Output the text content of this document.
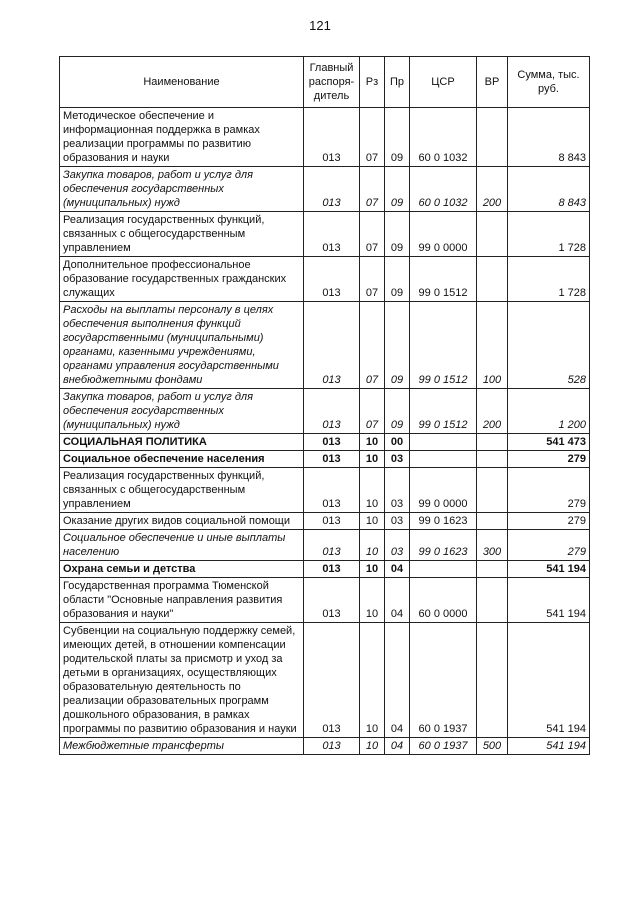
121
Наименование	Главный распоря-дитель	Рз	Пр	ЦСР	ВР	Сумма, тыс. руб.
Методическое обеспечение и информационная поддержка в рамках реализации программы по развитию образования и науки	013	07	09	60 0 1032		8 843
Закупка товаров, работ и услуг для обеспечения государственных (муниципальных) нужд	013	07	09	60 0 1032	200	8 843
Реализация государственных функций, связанных с общегосударственным управлением	013	07	09	99 0 0000		1 728
Дополнительное профессиональное образование государственных гражданских служащих	013	07	09	99 0 1512		1 728
Расходы на выплаты персоналу в целях обеспечения выполнения функций государственными (муниципальными) органами, казенными учреждениями, органами управления государственными внебюджетными фондами	013	07	09	99 0 1512	100	528
Закупка товаров, работ и услуг для обеспечения государственных (муниципальных) нужд	013	07	09	99 0 1512	200	1 200
СОЦИАЛЬНАЯ ПОЛИТИКА	013	10	00			541 473
Социальное обеспечение населения	013	10	03			279
Реализация государственных функций, связанных с общегосударственным управлением	013	10	03	99 0 0000		279
Оказание других видов социальной помощи	013	10	03	99 0 1623		279
Социальное обеспечение и иные выплаты населению	013	10	03	99 0 1623	300	279
Охрана семьи и детства	013	10	04			541 194
Государственная программа Тюменской области "Основные направления развития образования и науки"	013	10	04	60 0 0000		541 194
Субвенции на социальную поддержку семей, имеющих детей, в отношении компенсации родительской платы за присмотр и уход за детьми в организациях, осуществляющих образовательную деятельность по реализации образовательных программ дошкольного образования, в рамках программы по развитию образования и науки	013	10	04	60 0 1937		541 194
Межбюджетные трансферты	013	10	04	60 0 1937	500	541 194
